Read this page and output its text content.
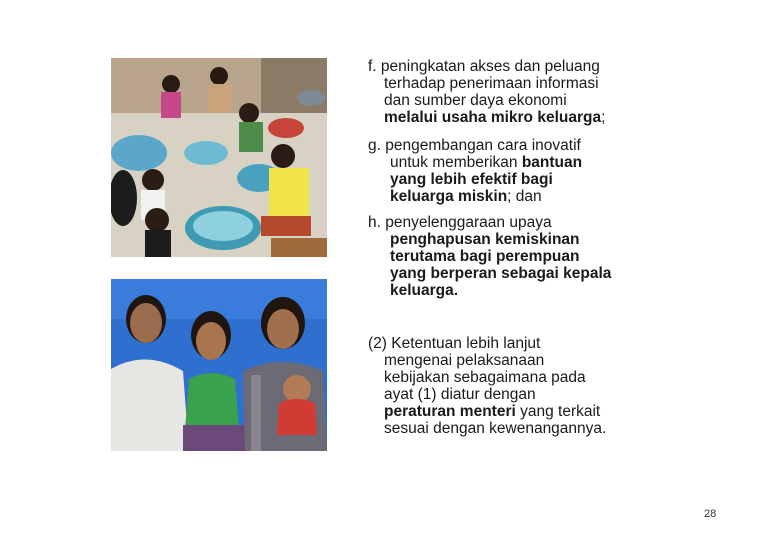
f. peningkatan akses dan peluang
terhadap penerimaan informasi
dan sumber daya ekonomi
melalui usaha mikro keluarga;
g. pengembangan cara inovatif
untuk memberikan bantuan
yang lebih efektif bagi
keluarga miskin; dan
h. penyelenggaraan upaya
penghapusan kemiskinan
terutama bagi perempuan
yang berperan sebagai kepala
keluarga.
(2) Ketentuan lebih lanjut
mengenai pelaksanaan
kebijakan sebagaimana pada
ayat (1) diatur dengan
peraturan menteri yang terkait
sesuai dengan kewenangannya.
28
